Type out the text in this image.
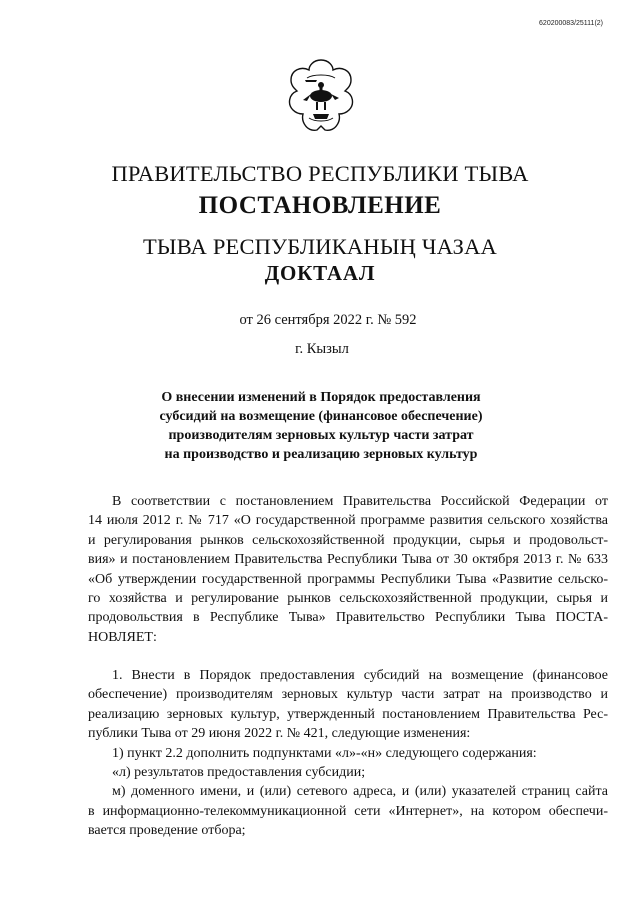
620200083/25111(2)
ПРАВИТЕЛЬСТВО РЕСПУБЛИКИ ТЫВА
ПОСТАНОВЛЕНИЕ
ТЫВА РЕСПУБЛИКАНЫҢ ЧАЗАА
ДОКТААЛ
от 26 сентября 2022 г. № 592
г. Кызыл
О внесении изменений в Порядок предоставления
субсидий на возмещение (финансовое обеспечение)
производителям зерновых культур части затрат
на производство и реализацию зерновых культур
В соответствии с постановлением Правительства Российской Федерации от
14 июля 2012 г. № 717 «О государственной программе развития сельского хозяйства
и регулирования рынков сельскохозяйственной продукции, сырья и продовольст-
вия» и постановлением Правительства Республики Тыва от 30 октября 2013 г. № 633
«Об утверждении государственной программы Республики Тыва «Развитие сельско-
го хозяйства и регулирование рынков сельскохозяйственной продукции, сырья и
продовольствия в Республике Тыва» Правительство Республики Тыва ПОСТА-
НОВЛЯЕТ:
1. Внести в Порядок предоставления субсидий на возмещение (финансовое
обеспечение) производителям зерновых культур части затрат на производство и
реализацию зерновых культур, утвержденный постановлением Правительства Рес-
публики Тыва от 29 июня 2022 г. № 421, следующие изменения:
1) пункт 2.2 дополнить подпунктами «л»-«н» следующего содержания:
«л) результатов предоставления субсидии;
м) доменного имени, и (или) сетевого адреса, и (или) указателей страниц сайта
в информационно-телекоммуникационной сети «Интернет», на котором обеспечи-
вается проведение отбора;
